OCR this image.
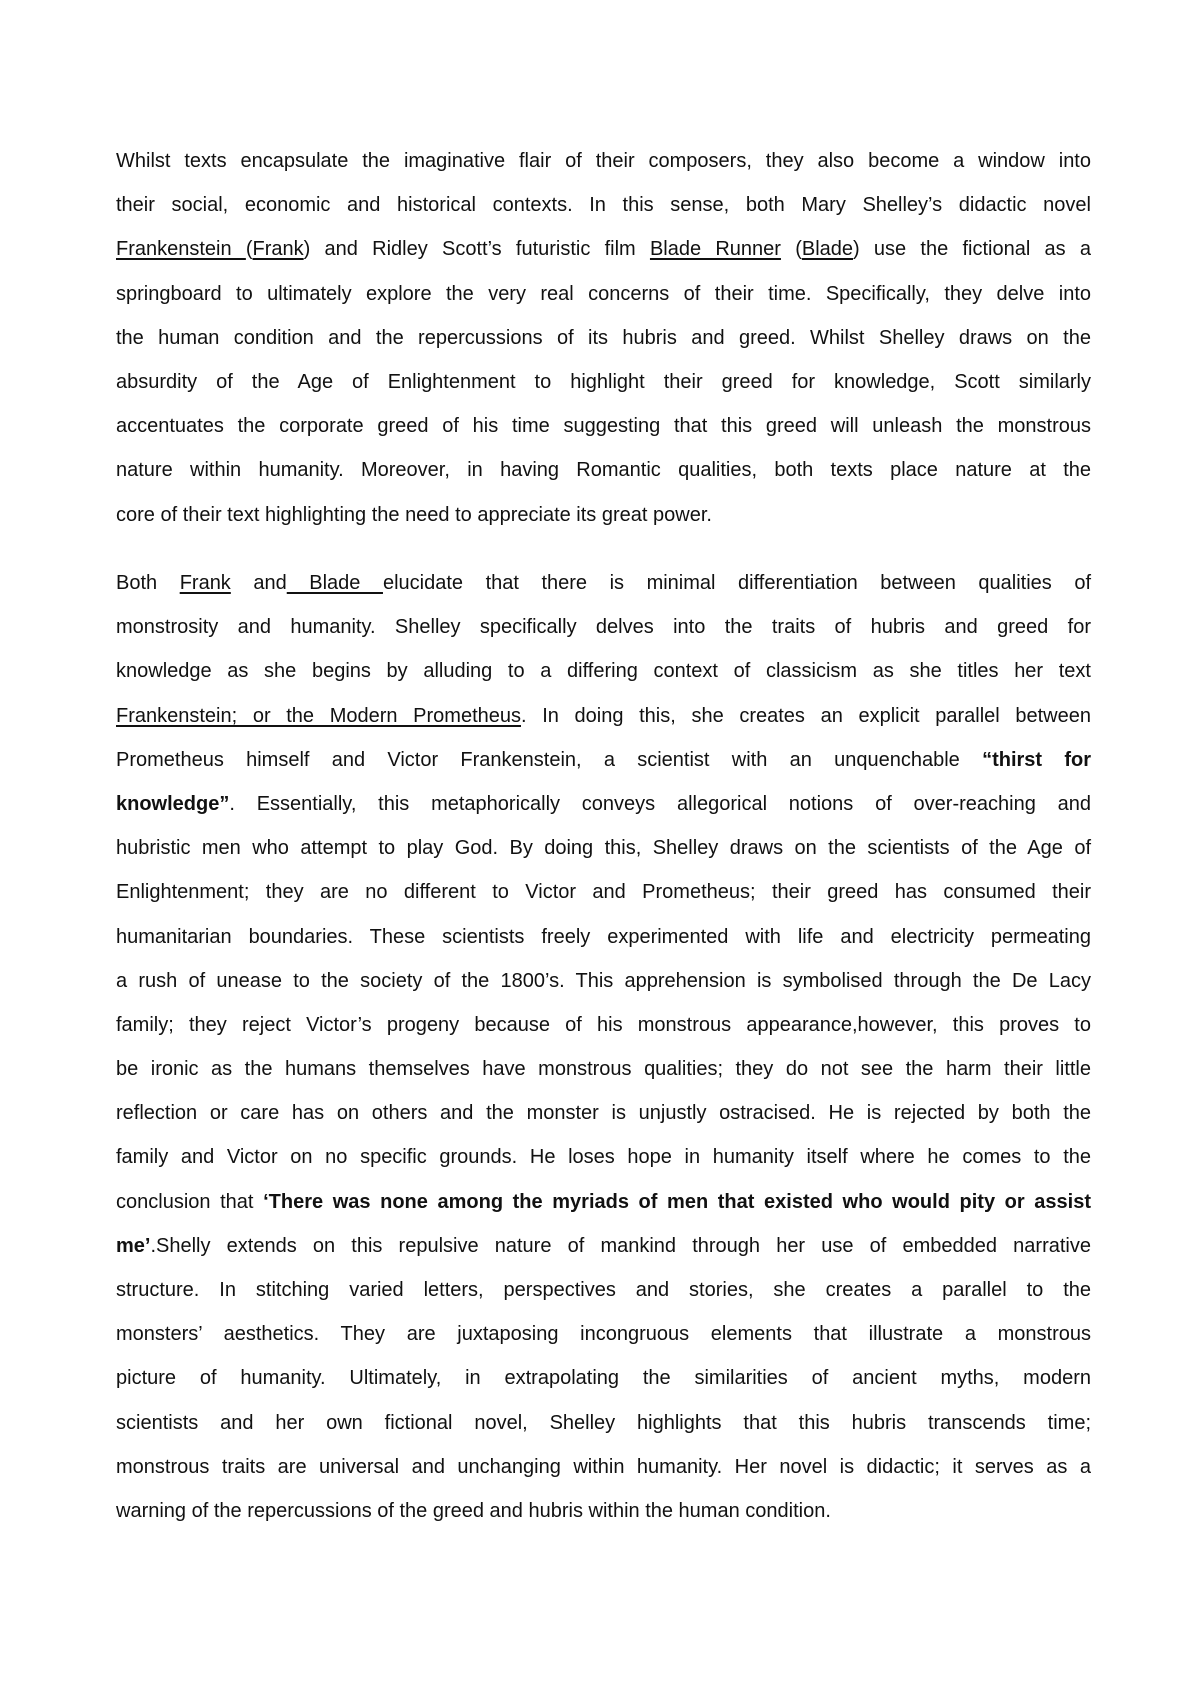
Whilst texts encapsulate the imaginative flair of their composers, they also become a window into
their social, economic and historical contexts. In this sense, both Mary Shelley’s didactic novel
Frankenstein (Frank) and Ridley Scott’s futuristic film Blade Runner (Blade) use the fictional as a
springboard to ultimately explore the very real concerns of their time. Specifically, they delve into
the human condition and the repercussions of its hubris and greed. Whilst Shelley draws on the
absurdity of the Age of Enlightenment to highlight their greed for knowledge, Scott similarly
accentuates the corporate greed of his time suggesting that this greed will unleash the monstrous
nature within humanity. Moreover, in having Romantic qualities, both texts place nature at the
core of their text highlighting the need to appreciate its great power.
Both Frank and Blade elucidate that there is minimal differentiation between qualities of
monstrosity and humanity. Shelley specifically delves into the traits of hubris and greed for
knowledge as she begins by alluding to a differing context of classicism as she titles her text
Frankenstein; or the Modern Prometheus. In doing this, she creates an explicit parallel between
Prometheus himself and Victor Frankenstein, a scientist with an unquenchable “thirst for
knowledge”. Essentially, this metaphorically conveys allegorical notions of over-reaching and
hubristic men who attempt to play God. By doing this, Shelley draws on the scientists of the Age of
Enlightenment; they are no different to Victor and Prometheus; their greed has consumed their
humanitarian boundaries. These scientists freely experimented with life and electricity permeating
a rush of unease to the society of the 1800’s. This apprehension is symbolised through the De Lacy
family; they reject Victor’s progeny because of his monstrous appearance,however, this proves to
be ironic as the humans themselves have monstrous qualities; they do not see the harm their little
reflection or care has on others and the monster is unjustly ostracised. He is rejected by both the
family and Victor on no specific grounds. He loses hope in humanity itself where he comes to the
conclusion that ‘There was none among the myriads of men that existed who would pity or assist
me’.Shelly extends on this repulsive nature of mankind through her use of embedded narrative
structure. In stitching varied letters, perspectives and stories, she creates a parallel to the
monsters’ aesthetics. They are juxtaposing incongruous elements that illustrate a monstrous
picture of humanity. Ultimately, in extrapolating the similarities of ancient myths, modern
scientists and her own fictional novel, Shelley highlights that this hubris transcends time;
monstrous traits are universal and unchanging within humanity. Her novel is didactic; it serves as a
warning of the repercussions of the greed and hubris within the human condition.
